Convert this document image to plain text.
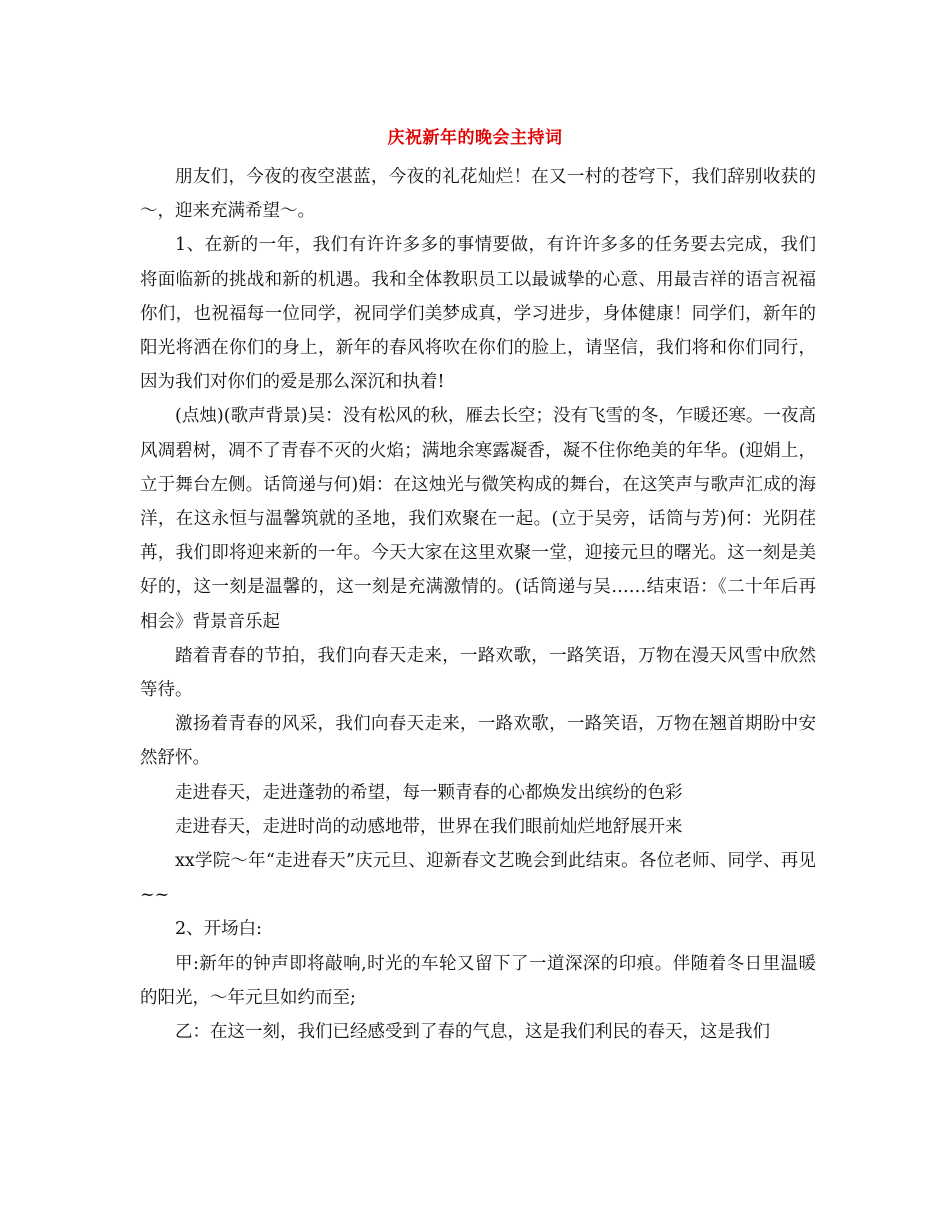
庆祝新年的晚会主持词

朋友们，今夜的夜空湛蓝，今夜的礼花灿烂！在又一村的苍穹下，我们辞别收获的～，迎来充满希望～。

1、在新的一年，我们有许许多多的事情要做，有许许多多的任务要去完成，我们将面临新的挑战和新的机遇。我和全体教职员工以最诚挚的心意、用最吉祥的语言祝福你们，也祝福每一位同学，祝同学们美梦成真，学习进步，身体健康！同学们，新年的阳光将洒在你们的身上，新年的春风将吹在你们的脸上，请坚信，我们将和你们同行，因为我们对你们的爱是那么深沉和执着!

(点烛)(歌声背景)吴：没有松风的秋，雁去长空；没有飞雪的冬，乍暖还寒。一夜高风凋碧树，凋不了青春不灭的火焰；满地余寒露凝香，凝不住你绝美的年华。(迎娟上，立于舞台左侧。话筒递与何)娟：在这烛光与微笑构成的舞台，在这笑声与歌声汇成的海洋，在这永恒与温馨筑就的圣地，我们欢聚在一起。(立于吴旁，话筒与芳)何：光阴荏苒，我们即将迎来新的一年。今天大家在这里欢聚一堂，迎接元旦的曙光。这一刻是美好的，这一刻是温馨的，这一刻是充满激情的。(话筒递与吴……结束语：《二十年后再相会》背景音乐起

踏着青春的节拍，我们向春天走来，一路欢歌，一路笑语，万物在漫天风雪中欣然等待。

激扬着青春的风采，我们向春天走来，一路欢歌，一路笑语，万物在翘首期盼中安然舒怀。

走进春天，走进蓬勃的希望，每一颗青春的心都焕发出缤纷的色彩

走进春天，走进时尚的动感地带，世界在我们眼前灿烂地舒展开来

xx学院～年“走进春天”庆元旦、迎新春文艺晚会到此结束。各位老师、同学、再见~~

2、开场白:

甲:新年的钟声即将敲响,时光的车轮又留下了一道深深的印痕。伴随着冬日里温暖的阳光，～年元旦如约而至;

乙：在这一刻，我们已经感受到了春的气息，这是我们利民的春天，这是我们
